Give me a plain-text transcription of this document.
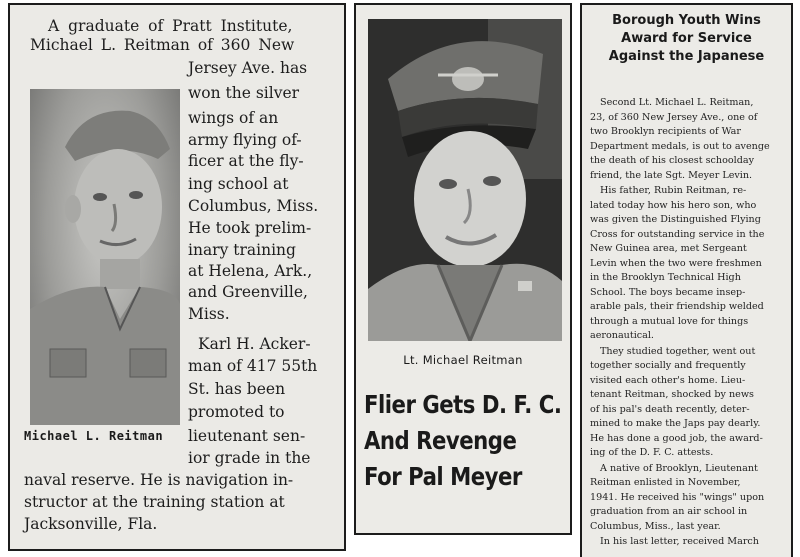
A graduate of Pratt Institute,
Michael L. Reitman of 360 New
Jersey Ave. has
won the silver
wings of an
army flying of-
ficer at the fly-
ing school at
Columbus, Miss.
He took prelim-
inary training
at Helena, Ark.,
and Greenville,
Miss.
Karl H. Acker-
man of 417 55th
St. has been
promoted to
lieutenant sen-
ior grade in the
Michael L. Reitman
naval reserve. He is navigation in-
structor at the training station at
Jacksonville, Fla.
Lt. Michael Reitman
Flier Gets D. F. C.
And Revenge
For Pal Meyer
Borough Youth Wins
Award for Service
Against the Japanese
Second Lt. Michael L. Reitman,
23, of 360 New Jersey Ave., one of
two Brooklyn recipients of War
Department medals, is out to avenge
the death of his closest schoolday
friend, the late Sgt. Meyer Levin.
His father, Rubin Reitman, re-
lated today how his hero son, who
was given the Distinguished Flying
Cross for outstanding service in the
New Guinea area, met Sergeant
Levin when the two were freshmen
in the Brooklyn Technical High
School. The boys became insep-
arable pals, their friendship welded
through a mutual love for things
aeronautical.
They studied together, went out
together socially and frequently
visited each other's home. Lieu-
tenant Reitman, shocked by news
of his pal's death recently, deter-
mined to make the Japs pay dearly.
He has done a good job, the award-
ing of the D. F. C. attests.
A native of Brooklyn, Lieutenant
Reitman enlisted in November,
1941. He received his "wings" upon
graduation from an air school in
Columbus, Miss., last year.
In his last letter, received March
